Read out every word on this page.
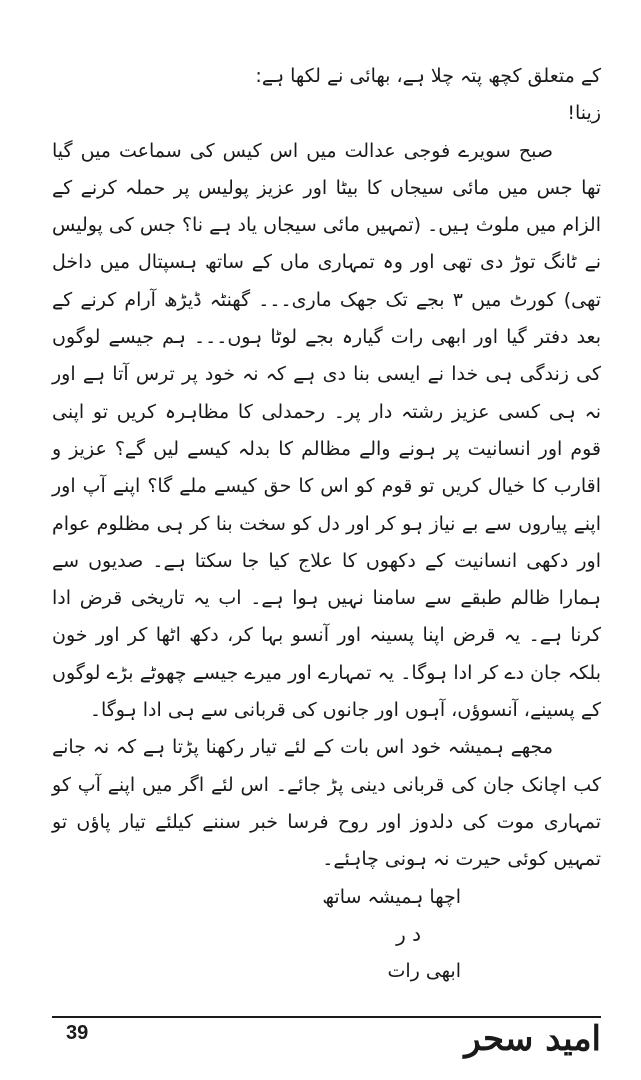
کے متعلق کچھ پتہ چلا ہے، بھائی نے لکھا ہے:

زینا!

صبح سویرے فوجی عدالت میں اس کیس کی سماعت میں گیا تھا جس میں مائی سیجاں کا بیٹا اور عزیز پولیس پر حملہ کرنے کے الزام میں ملوث ہیں۔ (تمہیں مائی سیجاں یاد ہے نا؟ جس کی پولیس نے ٹانگ توڑ دی تھی اور وہ تمہاری ماں کے ساتھ ہسپتال میں داخل تھی) کورٹ میں ۳ بجے تک جھک ماری۔۔۔ گھنٹہ ڈیڑھ آرام کرنے کے بعد دفتر گیا اور ابھی رات گیارہ بجے لوٹا ہوں۔۔۔ ہم جیسے لوگوں کی زندگی ہی خدا نے ایسی بنا دی ہے کہ نہ خود پر ترس آتا ہے اور نہ ہی کسی عزیز رشتہ دار پر۔ رحمدلی کا مظاہرہ کریں تو اپنی قوم اور انسانیت پر ہونے والے مظالم کا بدلہ کیسے لیں گے؟ عزیز و اقارب کا خیال کریں تو قوم کو اس کا حق کیسے ملے گا؟ اپنے آپ اور اپنے پیاروں سے بے نیاز ہو کر اور دل کو سخت بنا کر ہی مظلوم عوام اور دکھی انسانیت کے دکھوں کا علاج کیا جا سکتا ہے۔ صدیوں سے ہمارا ظالم طبقے سے سامنا نہیں ہوا ہے۔ اب یہ تاریخی قرض ادا کرنا ہے۔ یہ قرض اپنا پسینہ اور آنسو بہا کر، دکھ اٹھا کر اور خون بلکہ جان دے کر ادا ہوگا۔ یہ تمہارے اور میرے جیسے چھوٹے بڑے لوگوں کے پسینے، آنسوؤں، آہوں اور جانوں کی قربانی سے ہی ادا ہوگا۔

مجھے ہمیشہ خود اس بات کے لئے تیار رکھنا پڑتا ہے کہ نہ جانے کب اچانک جان کی قربانی دینی پڑ جائے۔ اس لئے اگر میں اپنے آپ کو تمہاری موت کی دلدوز اور روح فرسا خبر سننے کیلئے تیار پاؤں تو تمہیں کوئی حیرت نہ ہونی چاہئے۔

اچھا ہمیشہ ساتھ

د ر

ابھی رات

39	امید سحر
